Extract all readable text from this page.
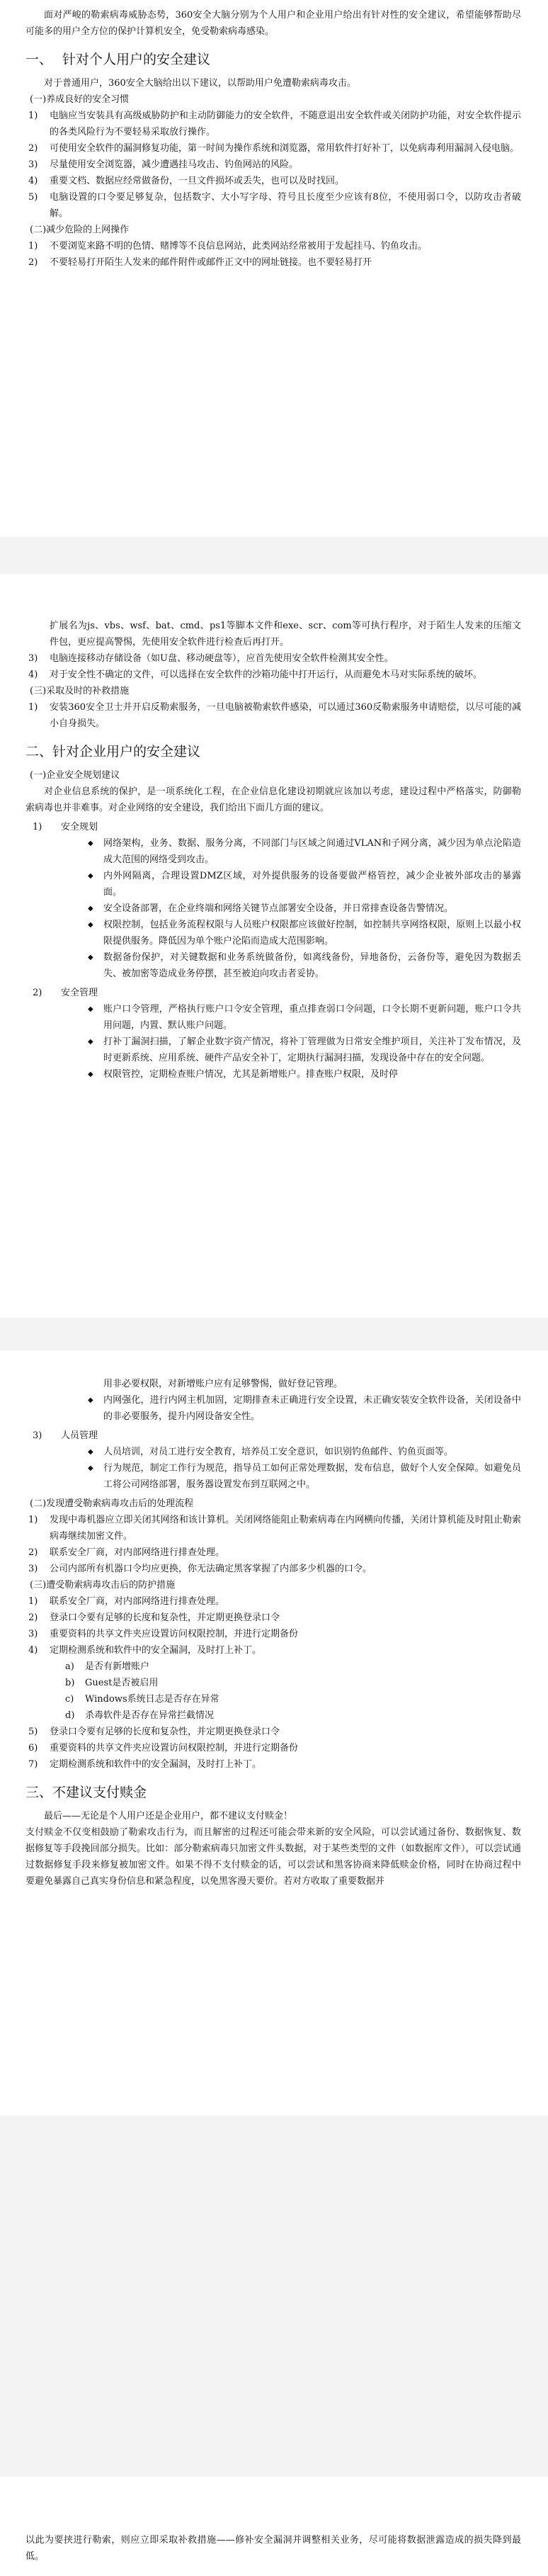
面对严峻的勒索病毒威胁态势，360安全大脑分别为个人用户和企业用户给出有针对性的安全建议，希望能够帮助尽可能多的用户全方位的保护计算机安全，免受勒索病毒感染。

一、 针对个人用户的安全建议

对于普通用户，360安全大脑给出以下建议，以帮助用户免遭勒索病毒攻击。

(一)养成良好的安全习惯

1)	电脑应当安装具有高级威胁防护和主动防御能力的安全软件，不随意退出安全软件或关闭防护功能，对安全软件提示的各类风险行为不要轻易采取放行操作。
2)	可使用安全软件的漏洞修复功能，第一时间为操作系统和浏览器，常用软件打好补丁，以免病毒利用漏洞入侵电脑。
3)	尽量使用安全浏览器，减少遭遇挂马攻击、钓鱼网站的风险。
4)	重要文档、数据应经常做备份，一旦文件损坏或丢失，也可以及时找回。
5)	电脑设置的口令要足够复杂，包括数字、大小写字母、符号且长度至少应该有8位，不使用弱口令，以防攻击者破解。

(二)减少危险的上网操作

1)	不要浏览来路不明的色情、赌博等不良信息网站，此类网站经常被用于发起挂马、钓鱼攻击。
2)	不要轻易打开陌生人发来的邮件附件或邮件正文中的网址链接。也不要轻易打开
扩展名为js、vbs、wsf、bat、cmd、ps1等脚本文件和exe、scr、com等可执行程序，对于陌生人发来的压缩文件包，更应提高警惕，先使用安全软件进行检查后再打开。
3)	电脑连接移动存储设备（如U盘、移动硬盘等），应首先使用安全软件检测其安全性。
4)	对于安全性不确定的文件，可以选择在安全软件的沙箱功能中打开运行，从而避免木马对实际系统的破坏。

(三)采取及时的补救措施

1)	安装360安全卫士并开启反勒索服务，一旦电脑被勒索软件感染，可以通过360反勒索服务申请赔偿，以尽可能的减小自身损失。
二、针对企业用户的安全建议

(一)企业安全规划建议

对企业信息系统的保护，是一项系统化工程，在企业信息化建设初期就应该加以考虑，建设过程中严格落实，防御勒索病毒也并非难事。对企业网络的安全建设，我们给出下面几方面的建议。

1)	安全规划
◆	网络架构，业务、数据、服务分离，不同部门与区域之间通过VLAN和子网分离，减少因为单点沦陷造成大范围的网络受到攻击。
◆	内外网隔离，合理设置DMZ区域，对外提供服务的设备要做严格管控，减少企业被外部攻击的暴露面。
◆	安全设备部署，在企业终端和网络关键节点部署安全设备，并日常排查设备告警情况。
◆	权限控制，包括业务流程权限与人员账户权限都应该做好控制，如控制共享网络权限，原则上以最小权限提供服务。降低因为单个账户沦陷而造成大范围影响。
◆	数据备份保护，对关键数据和业务系统做备份，如离线备份，异地备份，云备份等，避免因为数据丢失、被加密等造成业务停摆，甚至被迫向攻击者妥协。
2)	安全管理
◆	账户口令管理，严格执行账户口令安全管理，重点排查弱口令问题，口令长期不更新问题，账户口令共用问题，内置、默认账户问题。
◆	打补丁漏洞扫描，了解企业数字资产情况，将补丁管理做为日常安全维护项目，关注补丁发布情况，及时更新系统、应用系统、硬件产品安全补丁，定期执行漏洞扫描，发现设备中存在的安全问题。
◆	权限管控，定期检查账户情况，尤其是新增账户。排查账户权限，及时停
用非必要权限，对新增账户应有足够警惕，做好登记管理。
◆	内网强化，进行内网主机加固，定期排查未正确进行安全设置，未正确安装安全软件设备，关闭设备中的非必要服务，提升内网设备安全性。
3)	人员管理
◆	人员培训，对员工进行安全教育，培养员工安全意识，如识别钓鱼邮件、钓鱼页面等。
◆	行为规范，制定工作行为规范，指导员工如何正常处理数据，发布信息，做好个人安全保障。如避免员工将公司网络部署，服务器设置发布到互联网之中。

(二)发现遭受勒索病毒攻击后的处理流程

1)	发现中毒机器应立即关闭其网络和该计算机。关闭网络能阻止勒索病毒在内网横向传播，关闭计算机能及时阻止勒索病毒继续加密文件。
2)	联系安全厂商，对内部网络进行排查处理。
3)	公司内部所有机器口令均应更换，你无法确定黑客掌握了内部多少机器的口令。

(三)遭受勒索病毒攻击后的防护措施

1)	联系安全厂商，对内部网络进行排查处理。
2)	登录口令要有足够的长度和复杂性，并定期更换登录口令
3)	重要资料的共享文件夹应设置访问权限控制，并进行定期备份
4)	定期检测系统和软件中的安全漏洞，及时打上补丁。
a)	是否有新增账户
b)	Guest是否被启用
c)	Windows系统日志是否存在异常
d)	杀毒软件是否存在异常拦截情况
5)	登录口令要有足够的长度和复杂性，并定期更换登录口令
6)	重要资料的共享文件夹应设置访问权限控制，并进行定期备份
7)	定期检测系统和软件中的安全漏洞，及时打上补丁。
三、不建议支付赎金

最后——无论是个人用户还是企业用户，都不建议支付赎金！

支付赎金不仅变相鼓励了勒索攻击行为，而且解密的过程还可能会带来新的安全风险，可以尝试通过备份、数据恢复、数据修复等手段挽回部分损失。比如：部分勒索病毒只加密文件头数据，对于某些类型的文件（如数据库文件），可以尝试通过数据修复手段来修复被加密文件。如果不得不支付赎金的话，可以尝试和黑客协商来降低赎金价格，同时在协商过程中要避免暴露自己真实身份信息和紧急程度，以免黑客漫天要价。若对方收取了重要数据并

以此为要挟进行勒索，则应立即采取补救措施——修补安全漏洞并调整相关业务，尽可能将数据泄露造成的损失降到最低。
